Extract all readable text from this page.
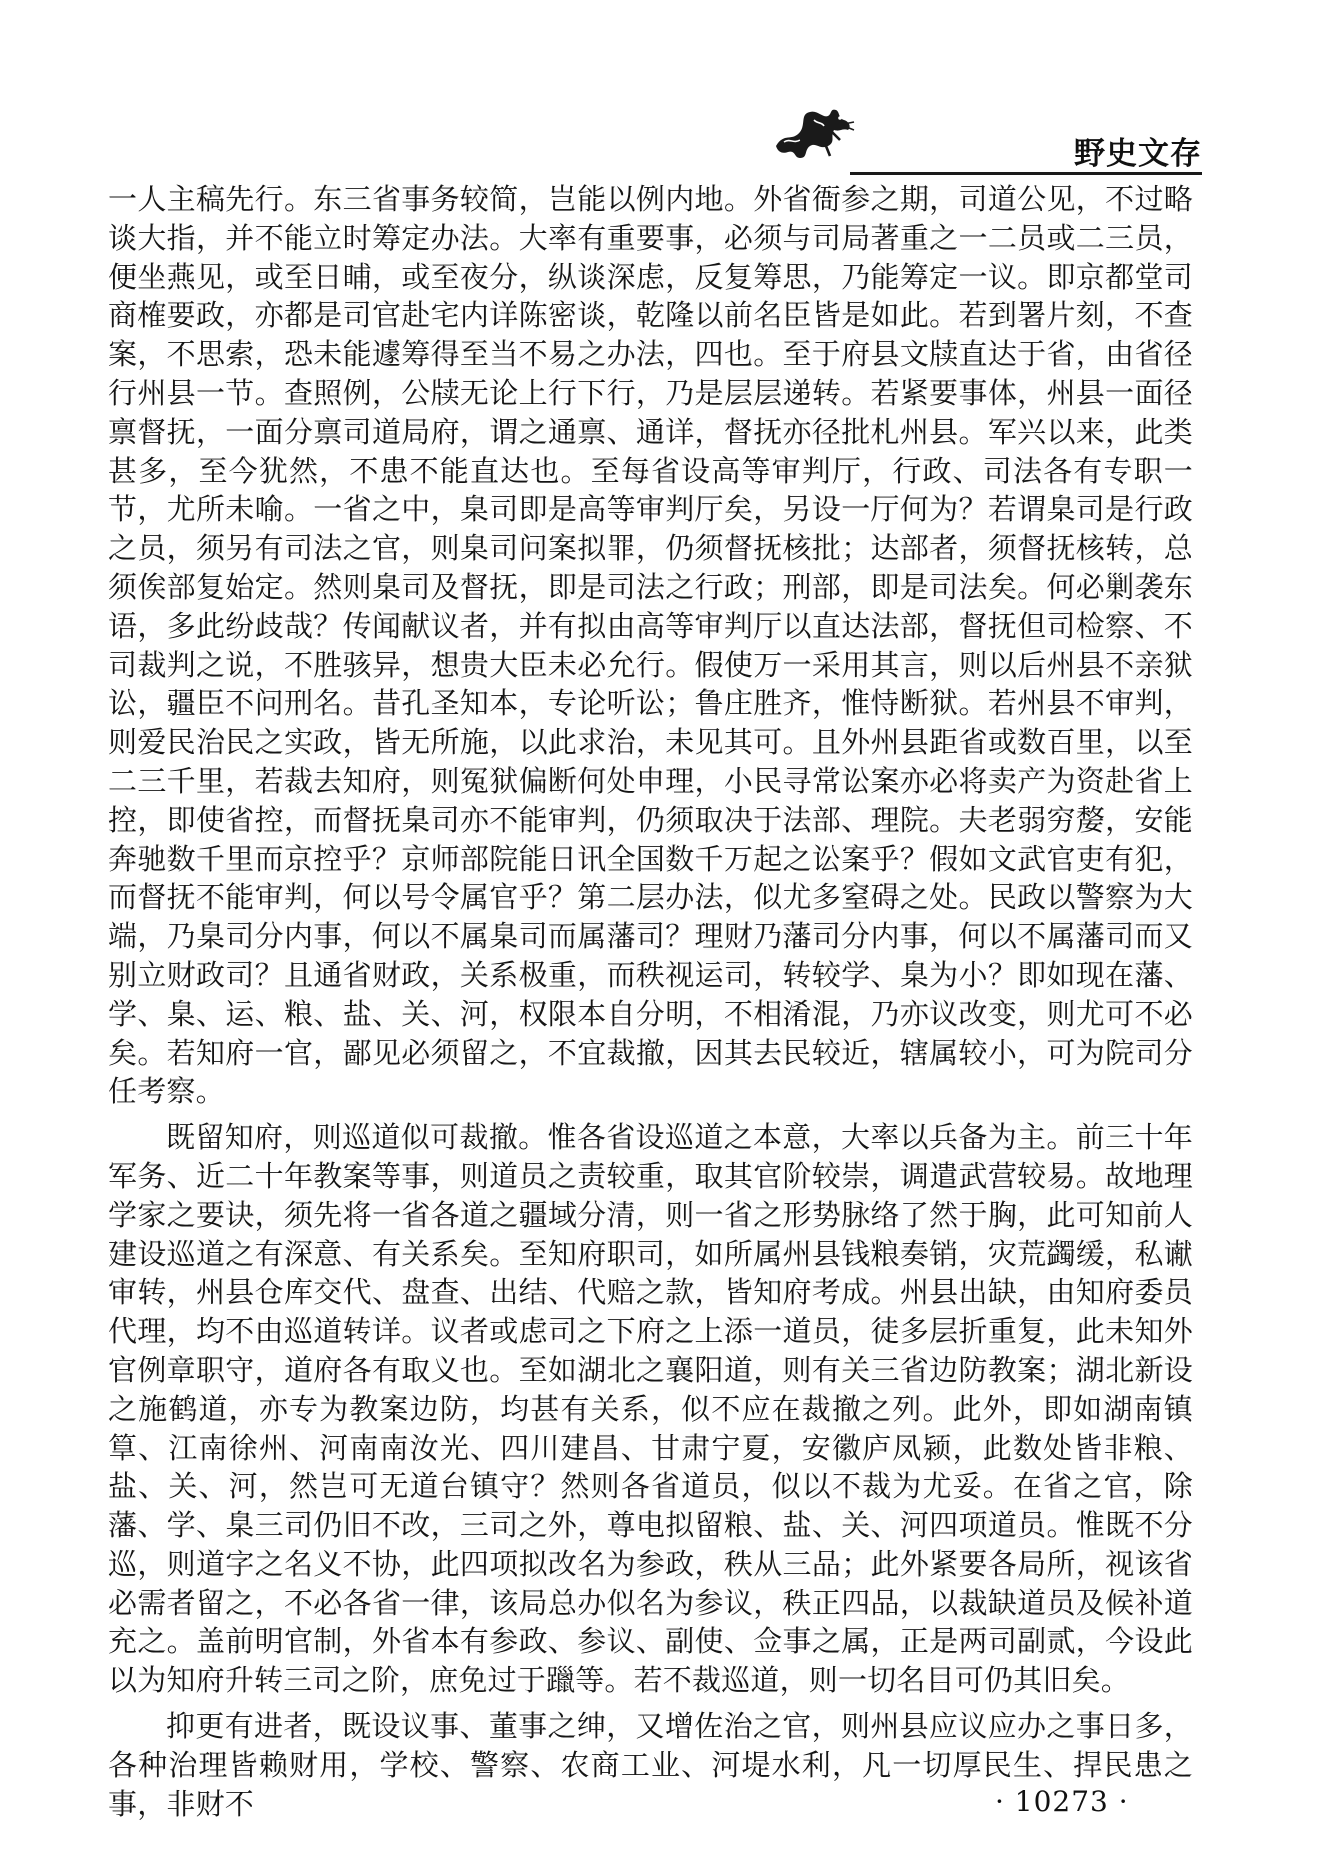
野史文存

一人主稿先行。东三省事务较简，岂能以例内地。外省衙参之期，司道公见，不过略谈大指，并不能立时筹定办法。大率有重要事，必须与司局著重之一二员或二三员，便坐燕见，或至日晡，或至夜分，纵谈深虑，反复筹思，乃能筹定一议。即京都堂司商榷要政，亦都是司官赴宅内详陈密谈，乾隆以前名臣皆是如此。若到署片刻，不查案，不思索，恐未能遽筹得至当不易之办法，四也。至于府县文牍直达于省，由省径行州县一节。查照例，公牍无论上行下行，乃是层层递转。若紧要事体，州县一面径禀督抚，一面分禀司道局府，谓之通禀、通详，督抚亦径批札州县。军兴以来，此类甚多，至今犹然，不患不能直达也。至每省设高等审判厅，行政、司法各有专职一节，尤所未喻。一省之中，臬司即是高等审判厅矣，另设一厅何为？若谓臬司是行政之员，须另有司法之官，则臬司问案拟罪，仍须督抚核批；达部者，须督抚核转，总须俟部复始定。然则臬司及督抚，即是司法之行政；刑部，即是司法矣。何必剿袭东语，多此纷歧哉？传闻献议者，并有拟由高等审判厅以直达法部，督抚但司检察、不司裁判之说，不胜骇异，想贵大臣未必允行。假使万一采用其言，则以后州县不亲狱讼，疆臣不问刑名。昔孔圣知本，专论听讼；鲁庄胜齐，惟恃断狱。若州县不审判，则爱民治民之实政，皆无所施，以此求治，未见其可。且外州县距省或数百里，以至二三千里，若裁去知府，则冤狱偏断何处申理，小民寻常讼案亦必将卖产为资赴省上控，即使省控，而督抚臬司亦不能审判，仍须取决于法部、理院。夫老弱穷嫠，安能奔驰数千里而京控乎？京师部院能日讯全国数千万起之讼案乎？假如文武官吏有犯，而督抚不能审判，何以号令属官乎？第二层办法，似尤多窒碍之处。民政以警察为大端，乃臬司分内事，何以不属臬司而属藩司？理财乃藩司分内事，何以不属藩司而又别立财政司？且通省财政，关系极重，而秩视运司，转较学、臬为小？即如现在藩、学、臬、运、粮、盐、关、河，权限本自分明，不相淆混，乃亦议改变，则尤可不必矣。若知府一官，鄙见必须留之，不宜裁撤，因其去民较近，辖属较小，可为院司分任考察。

既留知府，则巡道似可裁撤。惟各省设巡道之本意，大率以兵备为主。前三十年军务、近二十年教案等事，则道员之责较重，取其官阶较崇，调遣武营较易。故地理学家之要诀，须先将一省各道之疆域分清，则一省之形势脉络了然于胸，此可知前人建设巡道之有深意、有关系矣。至知府职司，如所属州县钱粮奏销，灾荒蠲缓，私谳审转，州县仓库交代、盘查、出结、代赔之款，皆知府考成。州县出缺，由知府委员代理，均不由巡道转详。议者或虑司之下府之上添一道员，徒多层折重复，此未知外官例章职守，道府各有取义也。至如湖北之襄阳道，则有关三省边防教案；湖北新设之施鹤道，亦专为教案边防，均甚有关系，似不应在裁撤之列。此外，即如湖南镇筸、江南徐州、河南南汝光、四川建昌、甘肃宁夏，安徽庐凤颍，此数处皆非粮、盐、关、河，然岂可无道台镇守？然则各省道员，似以不裁为尤妥。在省之官，除藩、学、臬三司仍旧不改，三司之外，尊电拟留粮、盐、关、河四项道员。惟既不分巡，则道字之名义不协，此四项拟改名为参政，秩从三品；此外紧要各局所，视该省必需者留之，不必各省一律，该局总办似名为参议，秩正四品，以裁缺道员及候补道充之。盖前明官制，外省本有参政、参议、副使、佥事之属，正是两司副贰，今设此以为知府升转三司之阶，庶免过于躐等。若不裁巡道，则一切名目可仍其旧矣。

抑更有进者，既设议事、董事之绅，又增佐治之官，则州县应议应办之事日多，各种治理皆赖财用，学校、警察、农商工业、河堤水利，凡一切厚民生、捍民患之事，非财不	· 10273 ·
